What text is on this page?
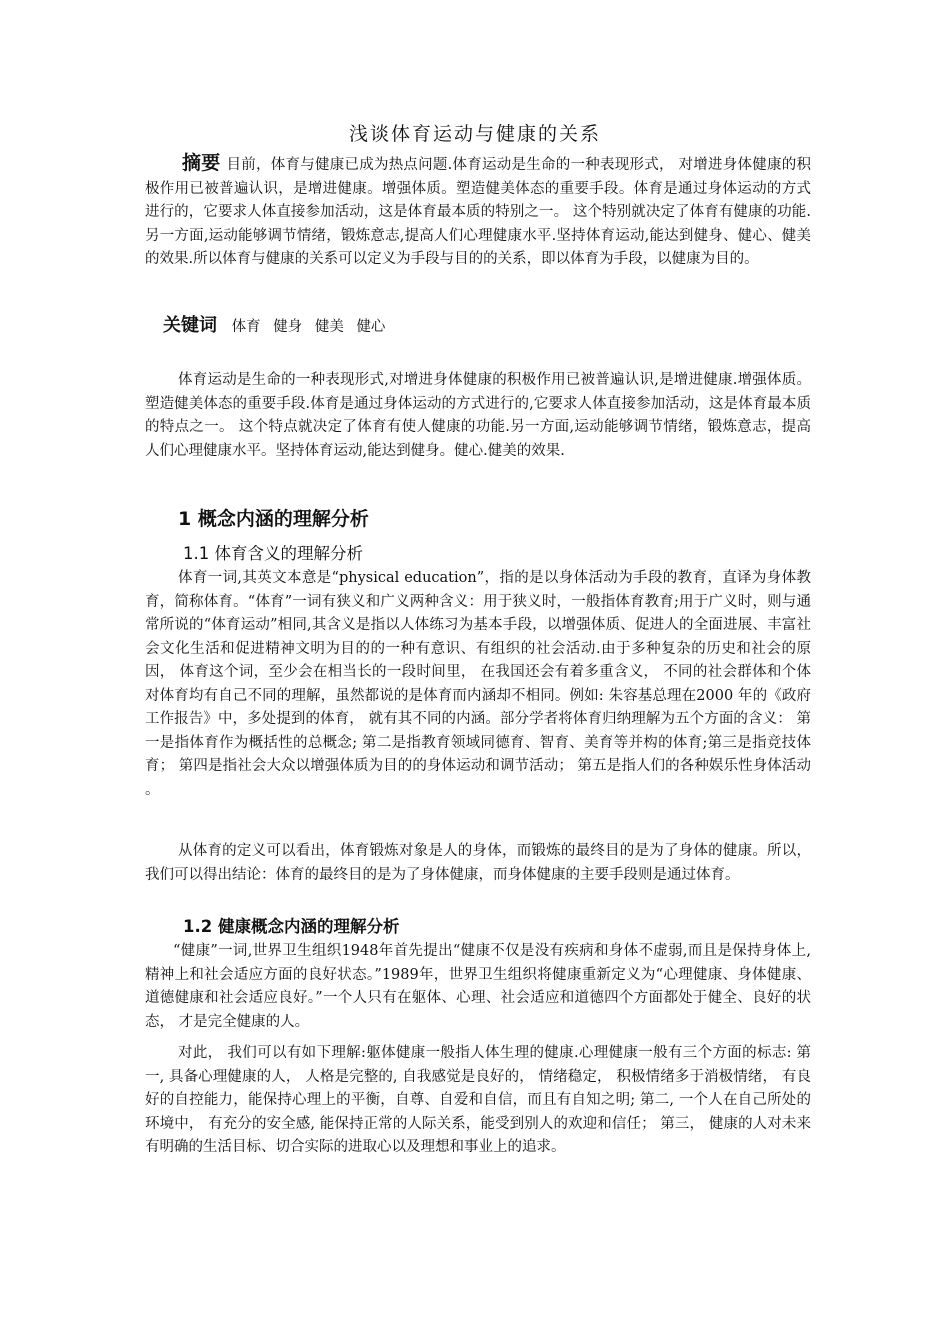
浅谈体育运动与健康的关系

摘要 目前，体育与健康已成为热点问题.体育运动是生命的一种表现形式， 对增进身体健康的积极作用已被普遍认识，是增进健康。增强体质。塑造健美体态的重要手段。体育是通过身体运动的方式进行的，它要求人体直接参加活动，这是体育最本质的特别之一。 这个特别就决定了体育有健康的功能.另一方面,运动能够调节情绪，锻炼意志,提高人们心理健康水平.坚持体育运动,能达到健身、健心、健美的效果.所以体育与健康的关系可以定义为手段与目的的关系，即以体育为手段，以健康为目的。

关键词 体育 健身 健美 健心

体育运动是生命的一种表现形式,对增进身体健康的积极作用已被普遍认识,是增进健康.增强体质。塑造健美体态的重要手段.体育是通过身体运动的方式进行的,它要求人体直接参加活动，这是体育最本质的特点之一。 这个特点就决定了体育有使人健康的功能.另一方面,运动能够调节情绪，锻炼意志，提高人们心理健康水平。坚持体育运动,能达到健身。健心.健美的效果.

1 概念内涵的理解分析
1.1 体育含义的理解分析

体育一词,其英文本意是“physical education”，指的是以身体活动为手段的教育，直译为身体教育，简称体育。“体育”一词有狭义和广义两种含义：用于狭义时，一般指体育教育;用于广义时，则与通常所说的“体育运动”相同,其含义是指以人体练习为基本手段，以增强体质、促进人的全面进展、丰富社会文化生活和促进精神文明为目的的一种有意识、有组织的社会活动.由于多种复杂的历史和社会的原因， 体育这个词，至少会在相当长的一段时间里， 在我国还会有着多重含义， 不同的社会群体和个体对体育均有自己不同的理解，虽然都说的是体育而内涵却不相同。例如: 朱容基总理在2000 年的《政府工作报告》中，多处提到的体育， 就有其不同的内涵。部分学者将体育归纳理解为五个方面的含义： 第一是指体育作为概括性的总概念; 第二是指教育领域同德育、智育、美育等并构的体育;第三是指竞技体育； 第四是指社会大众以增强体质为目的的身体运动和调节活动； 第五是指人们的各种娱乐性身体活动 。

从体育的定义可以看出，体育锻炼对象是人的身体，而锻炼的最终目的是为了身体的健康。所以，我们可以得出结论：体育的最终目的是为了身体健康，而身体健康的主要手段则是通过体育。

1.2 健康概念内涵的理解分析

“健康”一词,世界卫生组织1948年首先提出“健康不仅是没有疾病和身体不虚弱,而且是保持身体上,精神上和社会适应方面的良好状态。”1989年，世界卫生组织将健康重新定义为“心理健康、身体健康、道德健康和社会适应良好。”一个人只有在躯体、心理、社会适应和道德四个方面都处于健全、良好的状态， 才是完全健康的人。

对此， 我们可以有如下理解:躯体健康一般指人体生理的健康.心理健康一般有三个方面的标志: 第一, 具备心理健康的人， 人格是完整的, 自我感觉是良好的， 情绪稳定， 积极情绪多于消极情绪， 有良好的自控能力，能保持心理上的平衡，自尊、自爱和自信，而且有自知之明; 第二, 一个人在自己所处的环境中， 有充分的安全感, 能保持正常的人际关系，能受到别人的欢迎和信任； 第三， 健康的人对未来有明确的生活目标、切合实际的进取心以及理想和事业上的追求。
